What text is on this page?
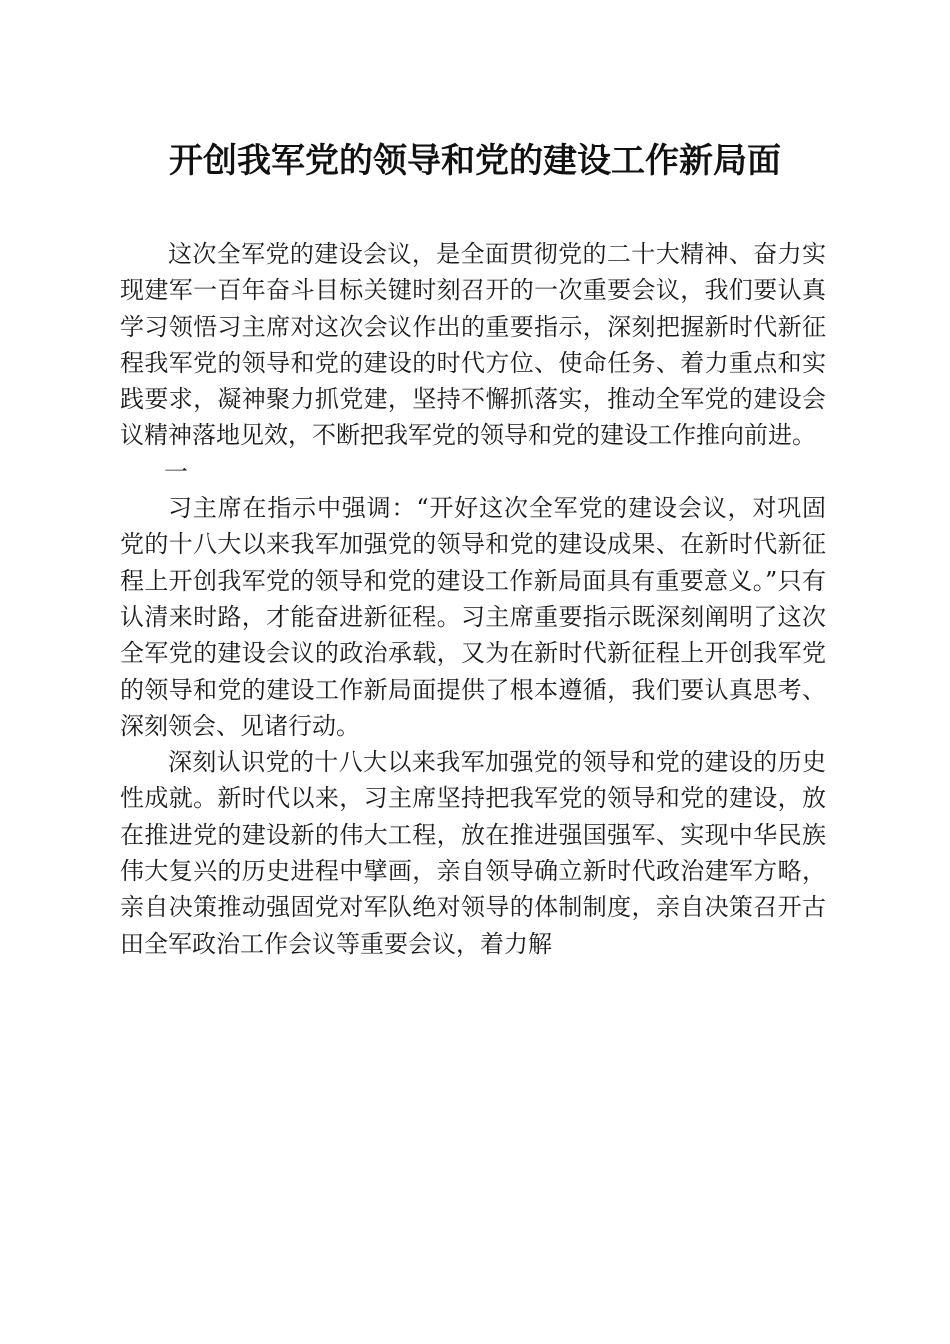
开创我军党的领导和党的建设工作新局面

这次全军党的建设会议，是全面贯彻党的二十大精神、奋力实现建军一百年奋斗目标关键时刻召开的一次重要会议，我们要认真学习领悟习主席对这次会议作出的重要指示，深刻把握新时代新征程我军党的领导和党的建设的时代方位、使命任务、着力重点和实践要求，凝神聚力抓党建，坚持不懈抓落实，推动全军党的建设会议精神落地见效，不断把我军党的领导和党的建设工作推向前进。

一

习主席在指示中强调：“开好这次全军党的建设会议，对巩固党的十八大以来我军加强党的领导和党的建设成果、在新时代新征程上开创我军党的领导和党的建设工作新局面具有重要意义。”只有认清来时路，才能奋进新征程。习主席重要指示既深刻阐明了这次全军党的建设会议的政治承载，又为在新时代新征程上开创我军党的领导和党的建设工作新局面提供了根本遵循，我们要认真思考、深刻领会、见诸行动。

深刻认识党的十八大以来我军加强党的领导和党的建设的历史性成就。新时代以来，习主席坚持把我军党的领导和党的建设，放在推进党的建设新的伟大工程，放在推进强国强军、实现中华民族伟大复兴的历史进程中擘画，亲自领导确立新时代政治建军方略，亲自决策推动强固党对军队绝对领导的体制制度，亲自决策召开古田全军政治工作会议等重要会议，着力解
